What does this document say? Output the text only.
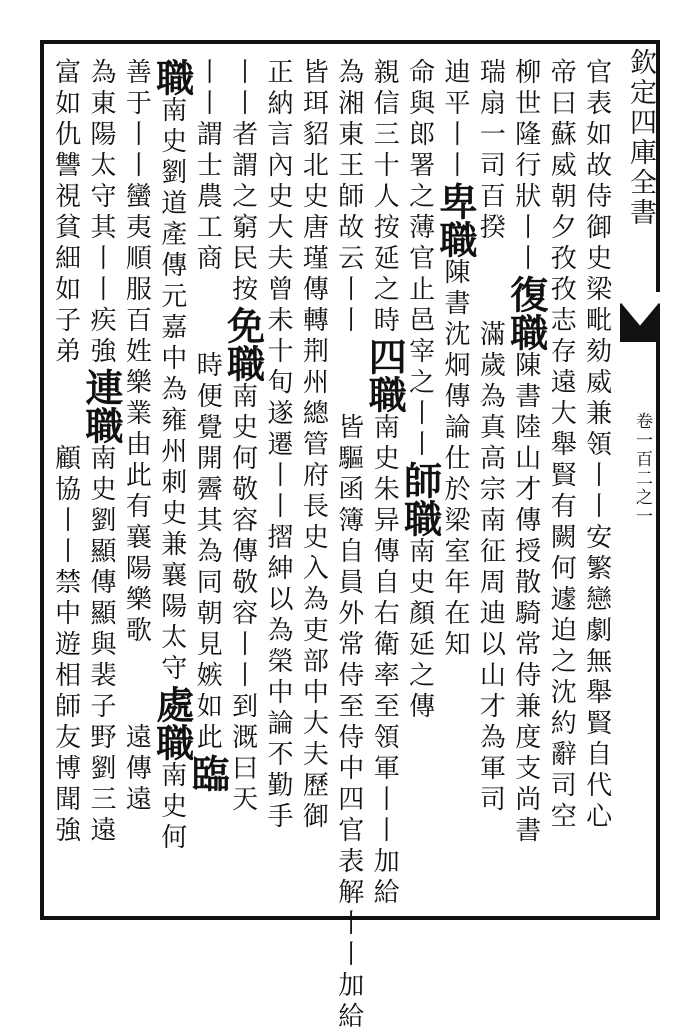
欽定四庫全書
卷一百二之一
官表如故侍御史梁毗劾威兼領丨丨安繁戀劇無舉賢自代心
帝曰蘇威朝夕孜孜志存遠大舉賢有闕何遽迫之沈約辭司空
柳世隆行狀丨丨復職陳書陸山才傳授散騎常侍兼度支尚書
瑞扇一司百揆滿歲為真高宗南征周迪以山才為軍司
迪平丨丨卑職陳書沈炯傳論仕於梁室年在知
命與郎署之薄官止邑宰之丨丨師職南史顏延之傳
親信三十人按延之時四職南史朱异傳自右衛率至領軍丨丨加給
為湘東王師故云丨丨皆驅函簿自員外常侍至侍中四官表解丨丨加給
皆珥貂北史唐瑾傳轉荆州總管府長史入為吏部中大夫歷御
正納言內史大夫曾未十旬遂遷丨丨摺紳以為榮中論不勤手
丨丨者謂之窮民按免職南史何敬容傳敬容丨丨到溉曰天
丨丨謂士農工商時便覺開霽其為同朝見嫉如此臨
職南史劉道產傳元嘉中為雍州刺史兼襄陽太守處職南史何
善于丨丨蠻夷順服百姓樂業由此有襄陽樂歌遠傳遠
為東陽太守其丨丨疾強連職南史劉顯傳顯與裴子野劉三遠
富如仇讐視貧細如子弟顧協丨丨禁中遊相師友博聞強
